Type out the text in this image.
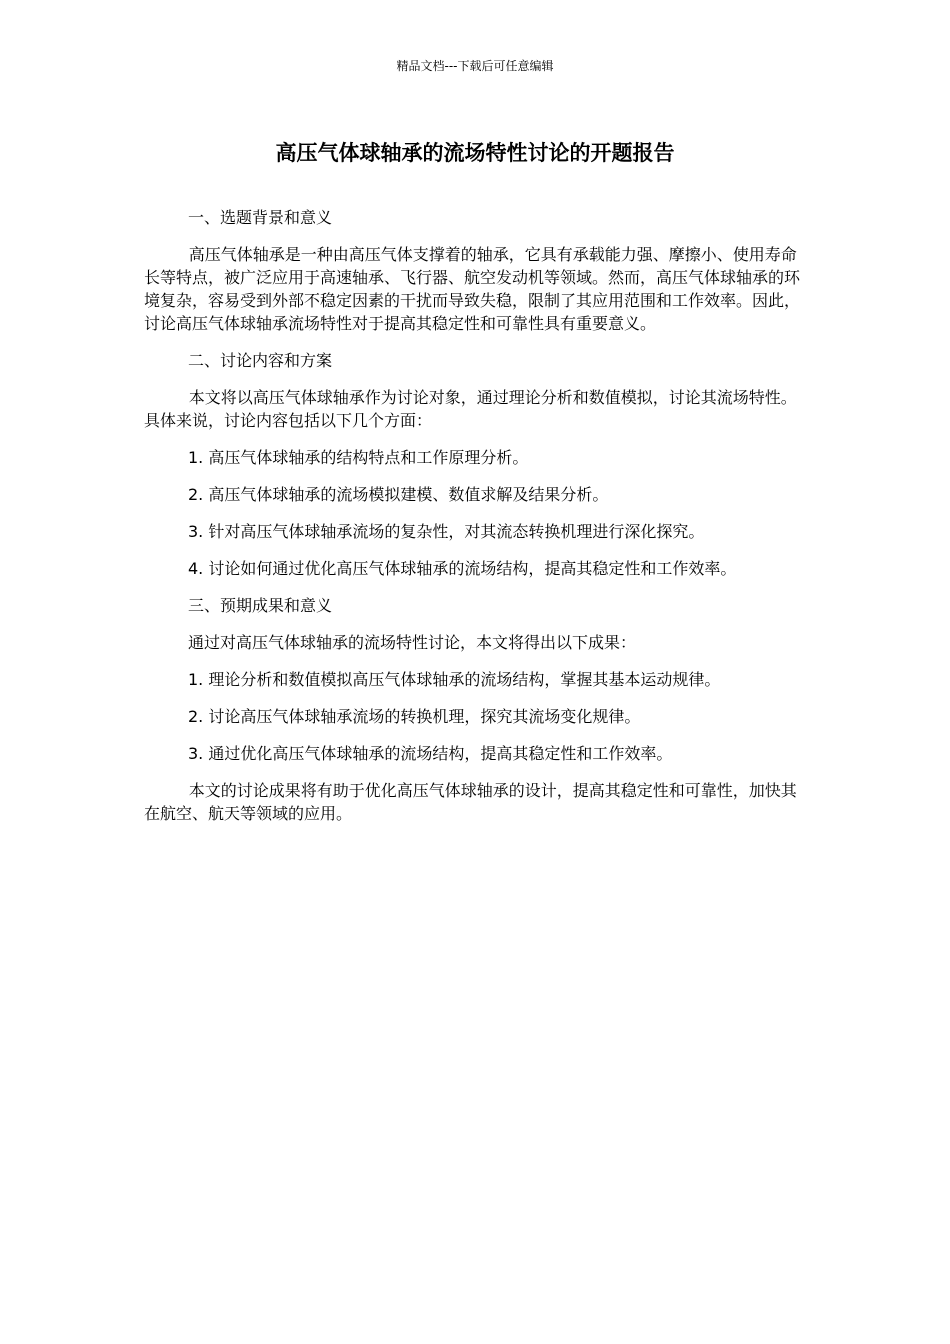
精品文档---下载后可任意编辑
高压气体球轴承的流场特性讨论的开题报告

一、选题背景和意义

高压气体轴承是一种由高压气体支撑着的轴承，它具有承载能力强、摩擦小、使用寿命长等特点，被广泛应用于高速轴承、飞行器、航空发动机等领域。然而，高压气体球轴承的环境复杂，容易受到外部不稳定因素的干扰而导致失稳，限制了其应用范围和工作效率。因此，讨论高压气体球轴承流场特性对于提高其稳定性和可靠性具有重要意义。

二、讨论内容和方案

本文将以高压气体球轴承作为讨论对象，通过理论分析和数值模拟，讨论其流场特性。具体来说，讨论内容包括以下几个方面：

1. 高压气体球轴承的结构特点和工作原理分析。

2. 高压气体球轴承的流场模拟建模、数值求解及结果分析。

3. 针对高压气体球轴承流场的复杂性，对其流态转换机理进行深化探究。

4. 讨论如何通过优化高压气体球轴承的流场结构，提高其稳定性和工作效率。

三、预期成果和意义

通过对高压气体球轴承的流场特性讨论，本文将得出以下成果：

1. 理论分析和数值模拟高压气体球轴承的流场结构，掌握其基本运动规律。

2. 讨论高压气体球轴承流场的转换机理，探究其流场变化规律。

3. 通过优化高压气体球轴承的流场结构，提高其稳定性和工作效率。

本文的讨论成果将有助于优化高压气体球轴承的设计，提高其稳定性和可靠性，加快其在航空、航天等领域的应用。
